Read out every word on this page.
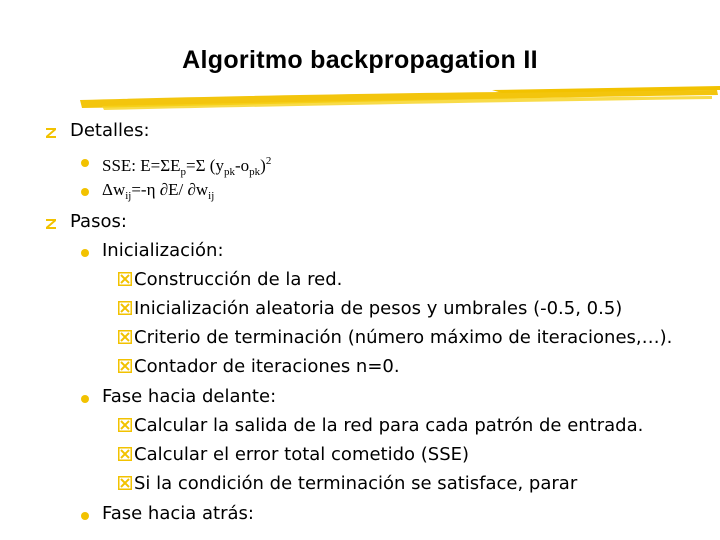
Algoritmo backpropagation II
Detalles:
SSE: $E=\Sigma E_p=\Sigma$ $(y_{pk}-o_{pk})^2$
$\Delta w_{ij}=-\eta$ ∂E/ $\partial w_{ij}$
Pasos:
Inicialización:
Construcción de la red.
Inicialización aleatoria de pesos y umbrales (-0.5, 0.5)
Criterio de terminación (número máximo de iteraciones,…).
Contador de iteraciones n=0.
Fase hacia delante:
Calcular la salida de la red para cada patrón de entrada.
Calcular el error total cometido (SSE)
Si la condición de terminación se satisface, parar
Fase hacia atrás:
